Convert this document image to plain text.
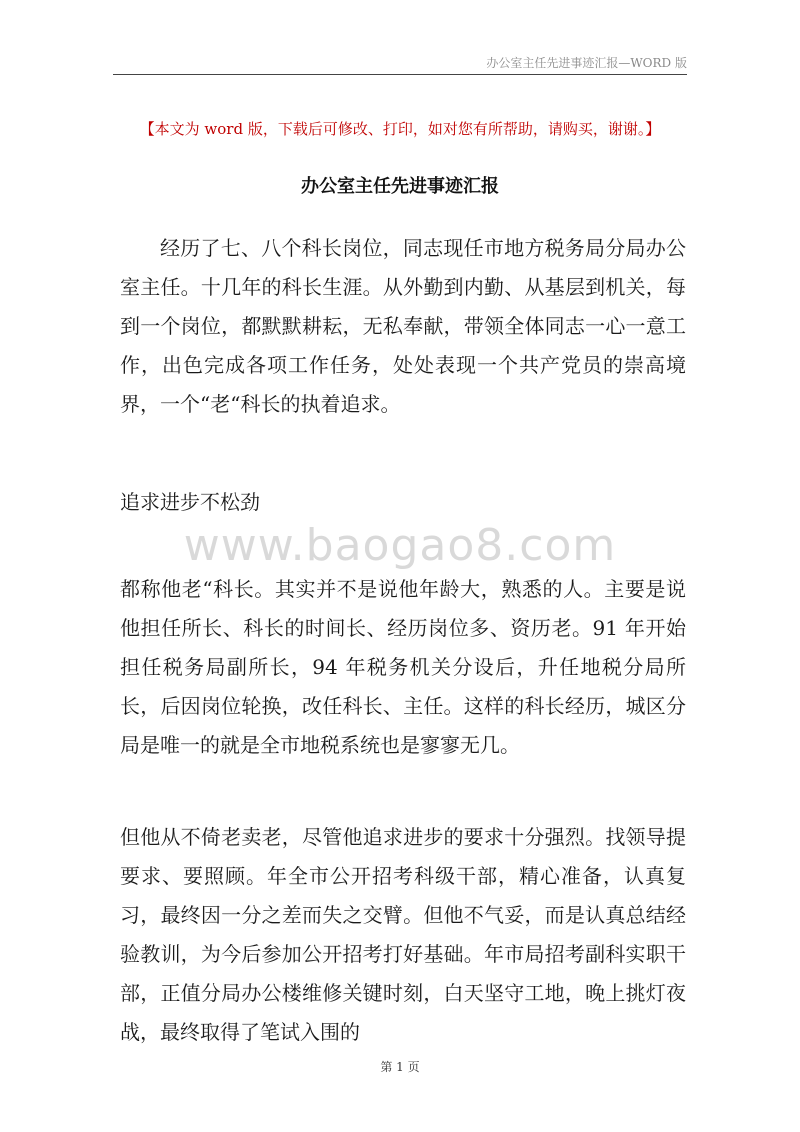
办公室主任先进事迹汇报—WORD 版
【本文为 word 版，下载后可修改、打印，如对您有所帮助，请购买，谢谢。】
办公室主任先进事迹汇报

经历了七、八个科长岗位，同志现任市地方税务局分局办公室主任。十几年的科长生涯。从外勤到内勤、从基层到机关，每到一个岗位，都默默耕耘，无私奉献，带领全体同志一心一意工作，出色完成各项工作任务，处处表现一个共产党员的崇高境界，一个“老“科长的执着追求。

追求进步不松劲

www.baogao8.com

都称他老“科长。其实并不是说他年龄大，熟悉的人。主要是说他担任所长、科长的时间长、经历岗位多、资历老。91 年开始担任税务局副所长，94 年税务机关分设后，升任地税分局所长，后因岗位轮换，改任科长、主任。这样的科长经历，城区分局是唯一的就是全市地税系统也是寥寥无几。

但他从不倚老卖老，尽管他追求进步的要求十分强烈。找领导提要求、要照顾。年全市公开招考科级干部，精心准备，认真复习，最终因一分之差而失之交臂。但他不气妥，而是认真总结经验教训，为今后参加公开招考打好基础。年市局招考副科实职干部，正值分局办公楼维修关键时刻，白天坚守工地，晚上挑灯夜战，最终取得了笔试入围的

第 1 页
